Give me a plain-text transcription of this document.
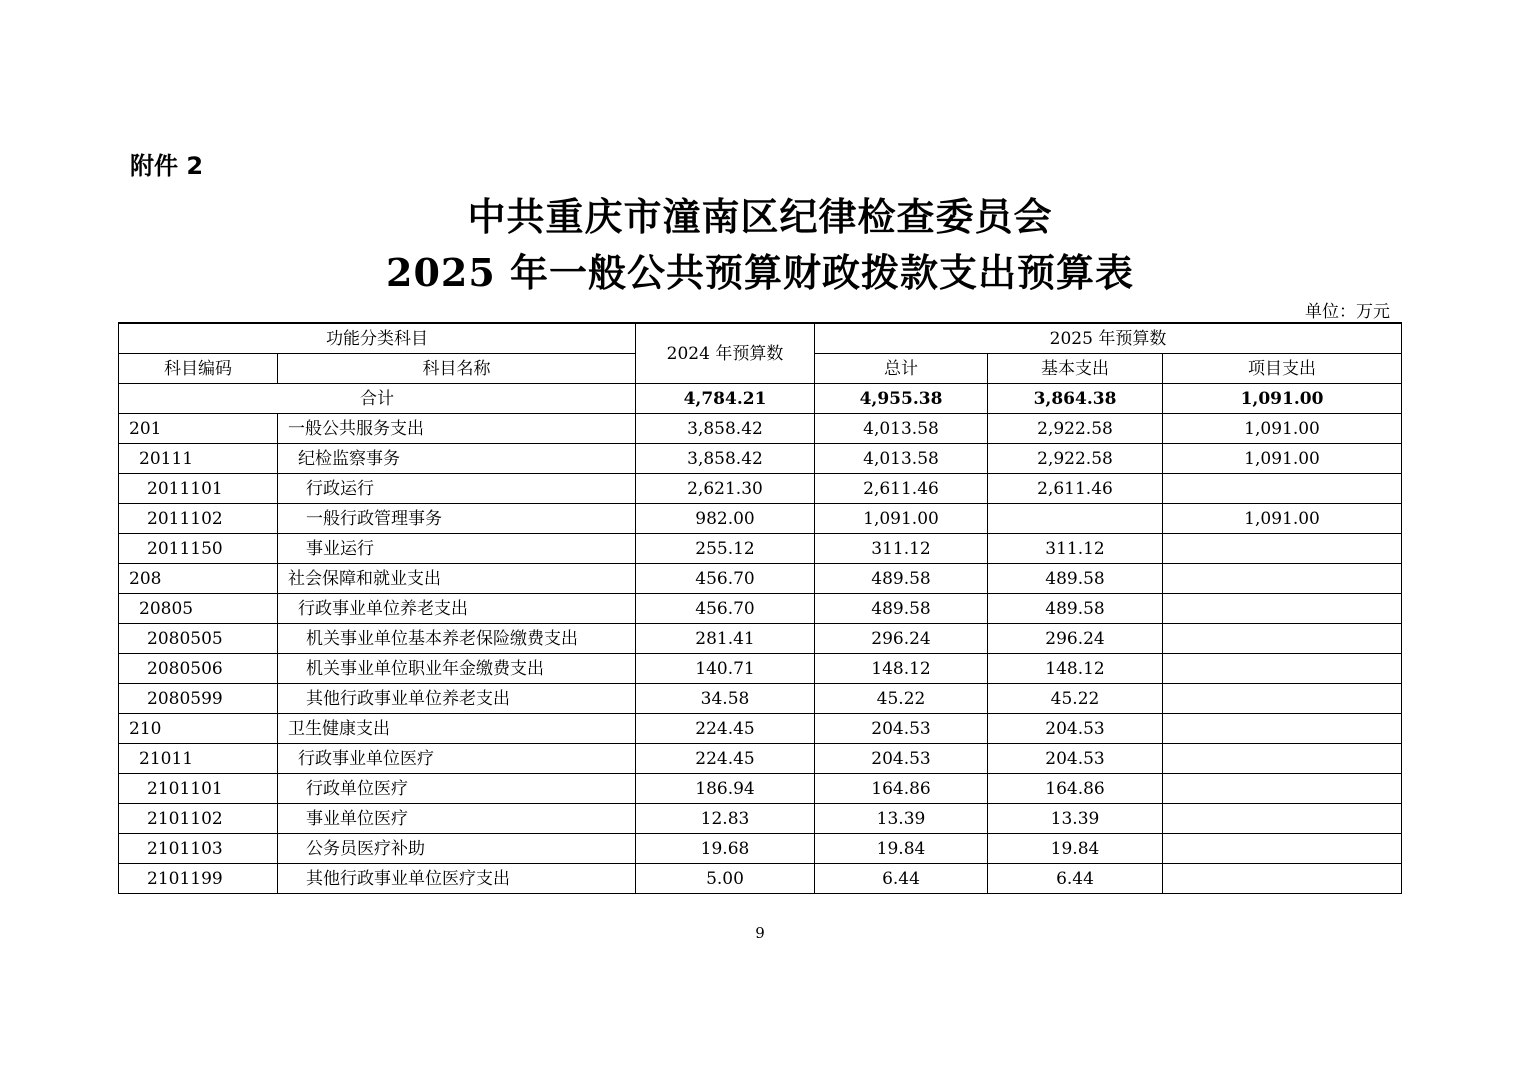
附件 2
中共重庆市潼南区纪律检查委员会
2025 年一般公共预算财政拨款支出预算表
单位：万元
功能分类科目		2024 年预算数	2025 年预算数		
科目编码	科目名称		总计	基本支出	项目支出
合计		4,784.21	4,955.38	3,864.38	1,091.00
201	一般公共服务支出	3,858.42	4,013.58	2,922.58	1,091.00
20111	纪检监察事务	3,858.42	4,013.58	2,922.58	1,091.00
2011101	行政运行	2,621.30	2,611.46	2,611.46	
2011102	一般行政管理事务	982.00	1,091.00		1,091.00
2011150	事业运行	255.12	311.12	311.12	
208	社会保障和就业支出	456.70	489.58	489.58	
20805	行政事业单位养老支出	456.70	489.58	489.58	
2080505	机关事业单位基本养老保险缴费支出	281.41	296.24	296.24	
2080506	机关事业单位职业年金缴费支出	140.71	148.12	148.12	
2080599	其他行政事业单位养老支出	34.58	45.22	45.22	
210	卫生健康支出	224.45	204.53	204.53	
21011	行政事业单位医疗	224.45	204.53	204.53	
2101101	行政单位医疗	186.94	164.86	164.86	
2101102	事业单位医疗	12.83	13.39	13.39	
2101103	公务员医疗补助	19.68	19.84	19.84	
2101199	其他行政事业单位医疗支出	5.00	6.44	6.44	
9
